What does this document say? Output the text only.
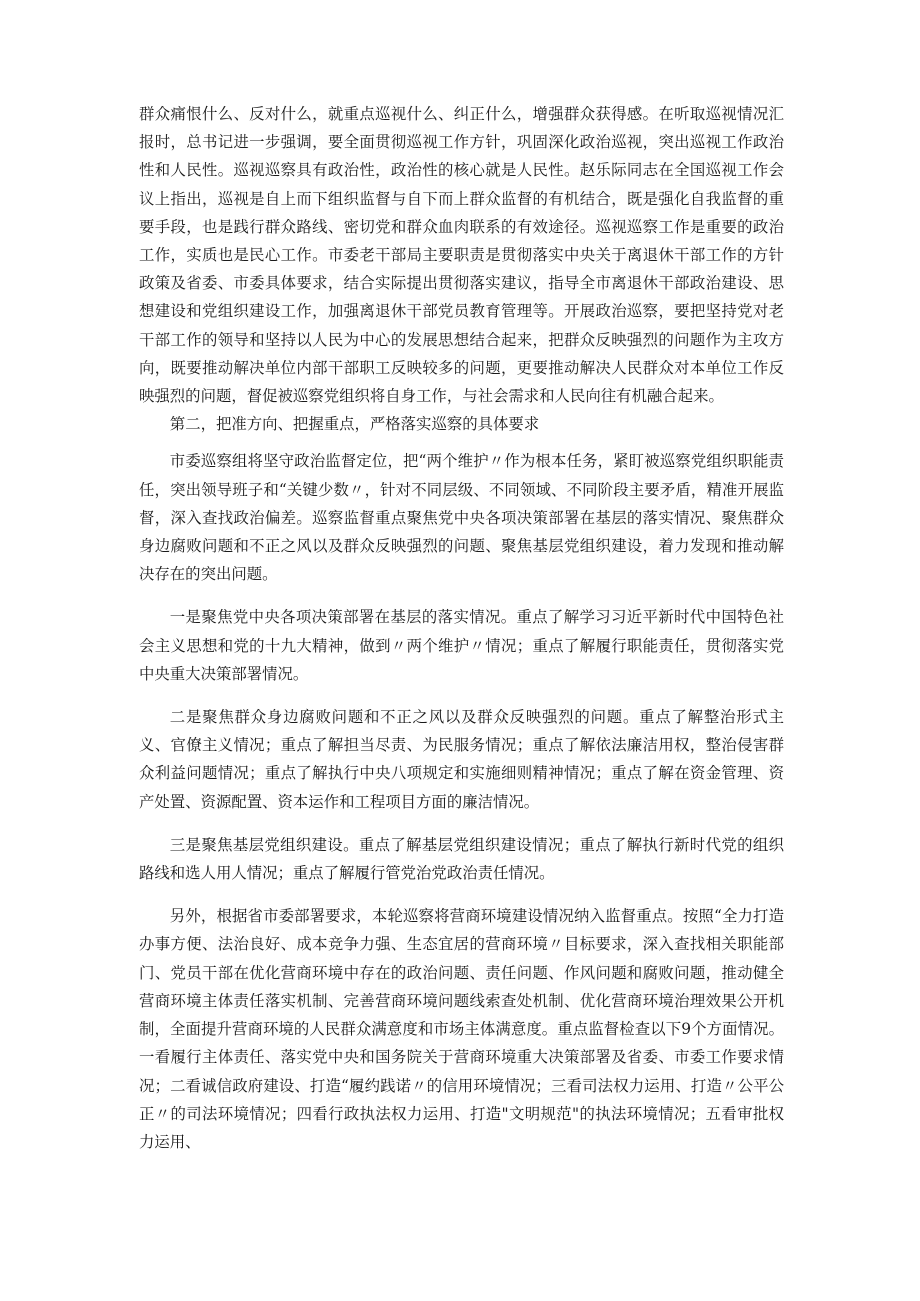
群众痛恨什么、反对什么，就重点巡视什么、纠正什么，增强群众获得感。在听取巡视情况汇报时，总书记进一步强调，要全面贯彻巡视工作方针，巩固深化政治巡视，突出巡视工作政治性和人民性。巡视巡察具有政治性，政治性的核心就是人民性。赵乐际同志在全国巡视工作会议上指出，巡视是自上而下组织监督与自下而上群众监督的有机结合，既是强化自我监督的重要手段，也是践行群众路线、密切党和群众血肉联系的有效途径。巡视巡察工作是重要的政治工作，实质也是民心工作。市委老干部局主要职责是贯彻落实中央关于离退休干部工作的方针政策及省委、市委具体要求，结合实际提出贯彻落实建议，指导全市离退休干部政治建设、思想建设和党组织建设工作，加强离退休干部党员教育管理等。开展政治巡察，要把坚持党对老干部工作的领导和坚持以人民为中心的发展思想结合起来，把群众反映强烈的问题作为主攻方向，既要推动解决单位内部干部职工反映较多的问题，更要推动解决人民群众对本单位工作反映强烈的问题，督促被巡察党组织将自身工作，与社会需求和人民向往有机融合起来。

第二，把准方向、把握重点，严格落实巡察的具体要求

市委巡察组将坚守政治监督定位，把“两个维护〃作为根本任务，紧盯被巡察党组织职能责任，突出领导班子和“关键少数〃，针对不同层级、不同领域、不同阶段主要矛盾，精准开展监督，深入查找政治偏差。巡察监督重点聚焦党中央各项决策部署在基层的落实情况、聚焦群众身边腐败问题和不正之风以及群众反映强烈的问题、聚焦基层党组织建设，着力发现和推动解决存在的突出问题。

一是聚焦党中央各项决策部署在基层的落实情况。重点了解学习习近平新时代中国特色社会主义思想和党的十九大精神，做到〃两个维护〃情况；重点了解履行职能责任，贯彻落实党中央重大决策部署情况。

二是聚焦群众身边腐败问题和不正之风以及群众反映强烈的问题。重点了解整治形式主义、官僚主义情况；重点了解担当尽责、为民服务情况；重点了解依法廉洁用权，整治侵害群众利益问题情况；重点了解执行中央八项规定和实施细则精神情况；重点了解在资金管理、资产处置、资源配置、资本运作和工程项目方面的廉洁情况。

三是聚焦基层党组织建设。重点了解基层党组织建设情况；重点了解执行新时代党的组织路线和选人用人情况；重点了解履行管党治党政治责任情况。

另外，根据省市委部署要求，本轮巡察将营商环境建设情况纳入监督重点。按照“全力打造办事方便、法治良好、成本竞争力强、生态宜居的营商环境〃目标要求，深入查找相关职能部门、党员干部在优化营商环境中存在的政治问题、责任问题、作风问题和腐败问题，推动健全营商环境主体责任落实机制、完善营商环境问题线索查处机制、优化营商环境治理效果公开机制，全面提升营商环境的人民群众满意度和市场主体满意度。重点监督检查以下9个方面情况。一看履行主体责任、落实党中央和国务院关于营商环境重大决策部署及省委、市委工作要求情况；二看诚信政府建设、打造“履约践诺〃的信用环境情况；三看司法权力运用、打造〃公平公正〃的司法环境情况；四看行政执法权力运用、打造"文明规范"的执法环境情况；五看审批权力运用、
